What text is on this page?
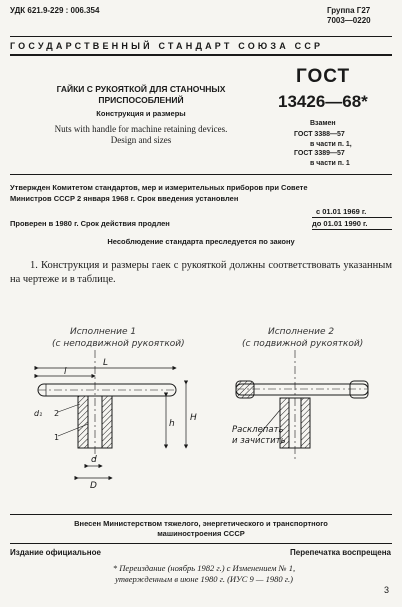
УДК 621.9-229 : 006.354	Группа Г27
7003—0220
ГОСУДАРСТВЕННЫЙ СТАНДАРТ СОЮЗА ССР
ГАЙКИ С РУКОЯТКОЙ ДЛЯ СТАНОЧНЫХ
ПРИСПОСОБЛЕНИЙ
Конструкция и размеры
Nuts with handle for machine retaining devices.
Design and sizes
ГОСТ
13426—68*
Взамен
ГОСТ 3388—57
в части п. 1,
ГОСТ 3389—57
в части п. 1
Утвержден Комитетом стандартов, мер и измерительных приборов при Совете
Министров СССР 2 января 1968 г. Срок введения установлен
с 01.01 1969 г.
Проверен в 1980 г. Срок действия продлен	до 01.01 1990 г.
Несоблюдение стандарта преследуется по закону
1. Конструкция и размеры гаек с рукояткой должны соответствовать указанным на чертеже и в таблице.
Исполнение 1
(с неподвижной рукояткой)
Исполнение 2
(с подвижной рукояткой)
L
l
H
h
d
D
d₁
1
2
Расклепать
и зачистить
Внесен Министерством тяжелого, энергетического и транспортного
машиностроения СССР
Издание официальное	Перепечатка воспрещена
* Переиздание (ноябрь 1982 г.) с Изменением № 1,
утвержденным в июне 1980 г. (ИУС 9 — 1980 г.)
3
